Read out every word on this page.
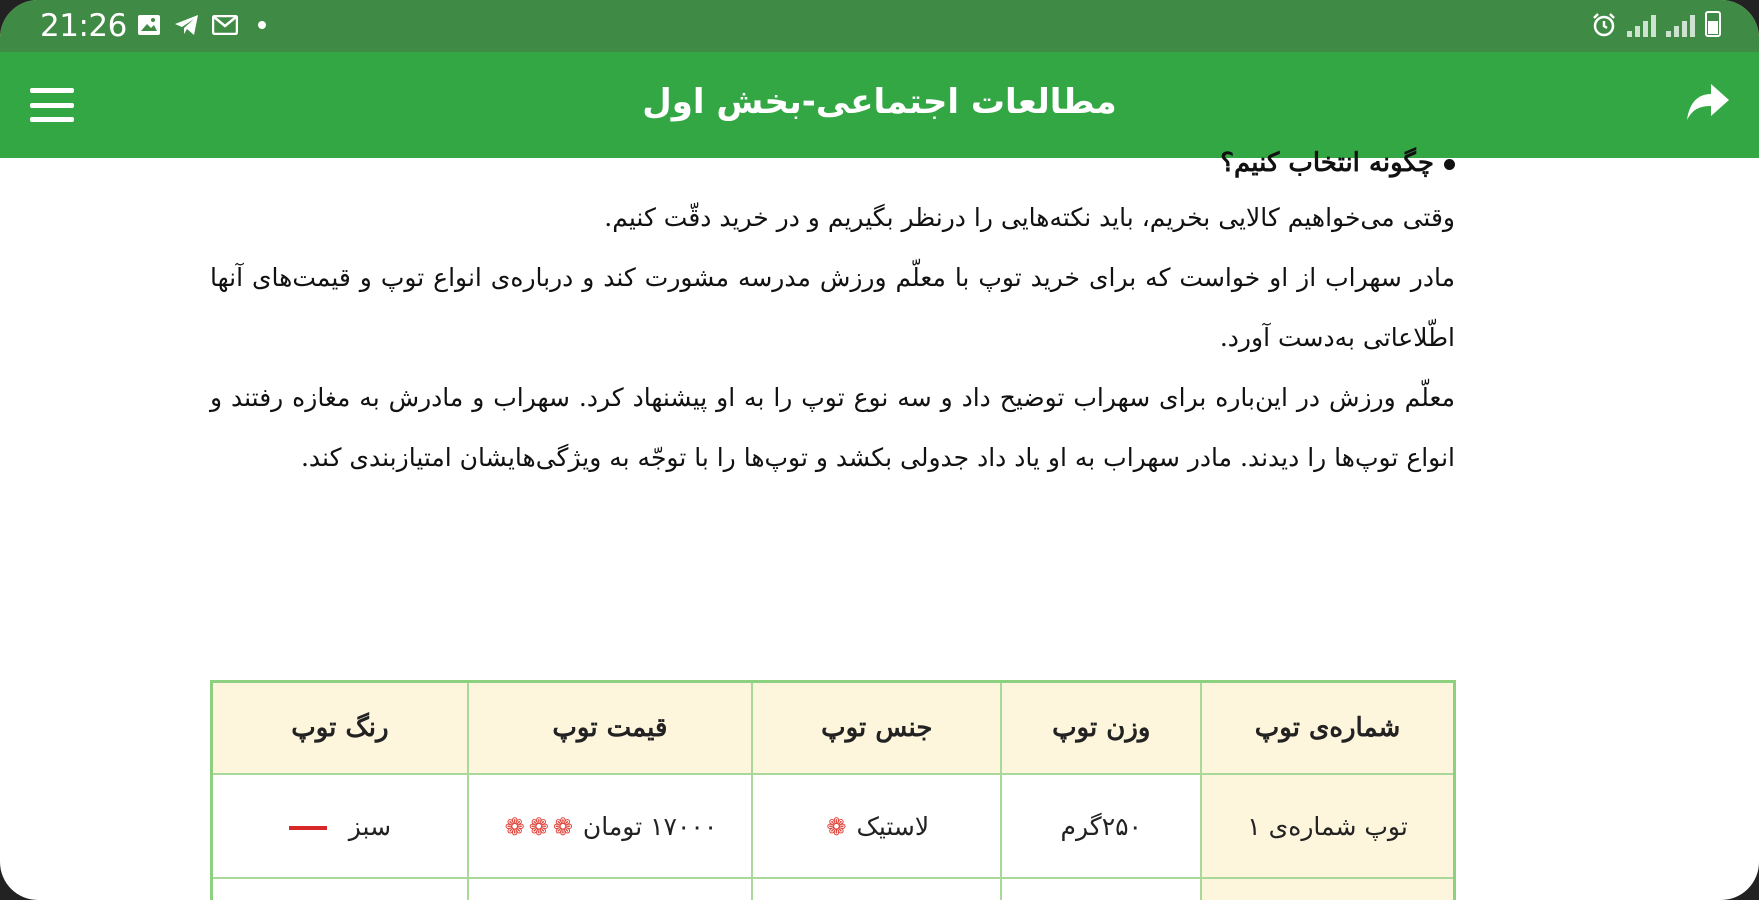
21:26
مطالعات اجتماعی-بخش اول

چگونه انتخاب کنیم؟

وقتی می‌خواهیم کالایی بخریم، باید نکته‌هایی را درنظر بگیریم و در خرید دقّت کنیم.

مادر سهراب از او خواست که برای خرید توپ با معلّم ورزش مدرسه مشورت کند و درباره‌ی انواع توپ و قیمت‌های آنها اطّلاعاتی به‌دست آورد.

معلّم ورزش در این‌باره برای سهراب توضیح داد و سه نوع توپ را به او پیشنهاد کرد. سهراب و مادرش به مغازه رفتند و انواع توپ‌ها را دیدند. مادر سهراب به او یاد داد جدولی بکشد و توپ‌ها را با توجّه به ویژگی‌هایشان امتیازبندی کند.

شماره‌ی توپ	وزن توپ	جنس توپ	قیمت توپ	رنگ توپ
توپ شماره‌ی ۱	۲۵۰گرم	لاستیک ❁	۱۷۰۰۰ تومان ❁❁❁	سبز
